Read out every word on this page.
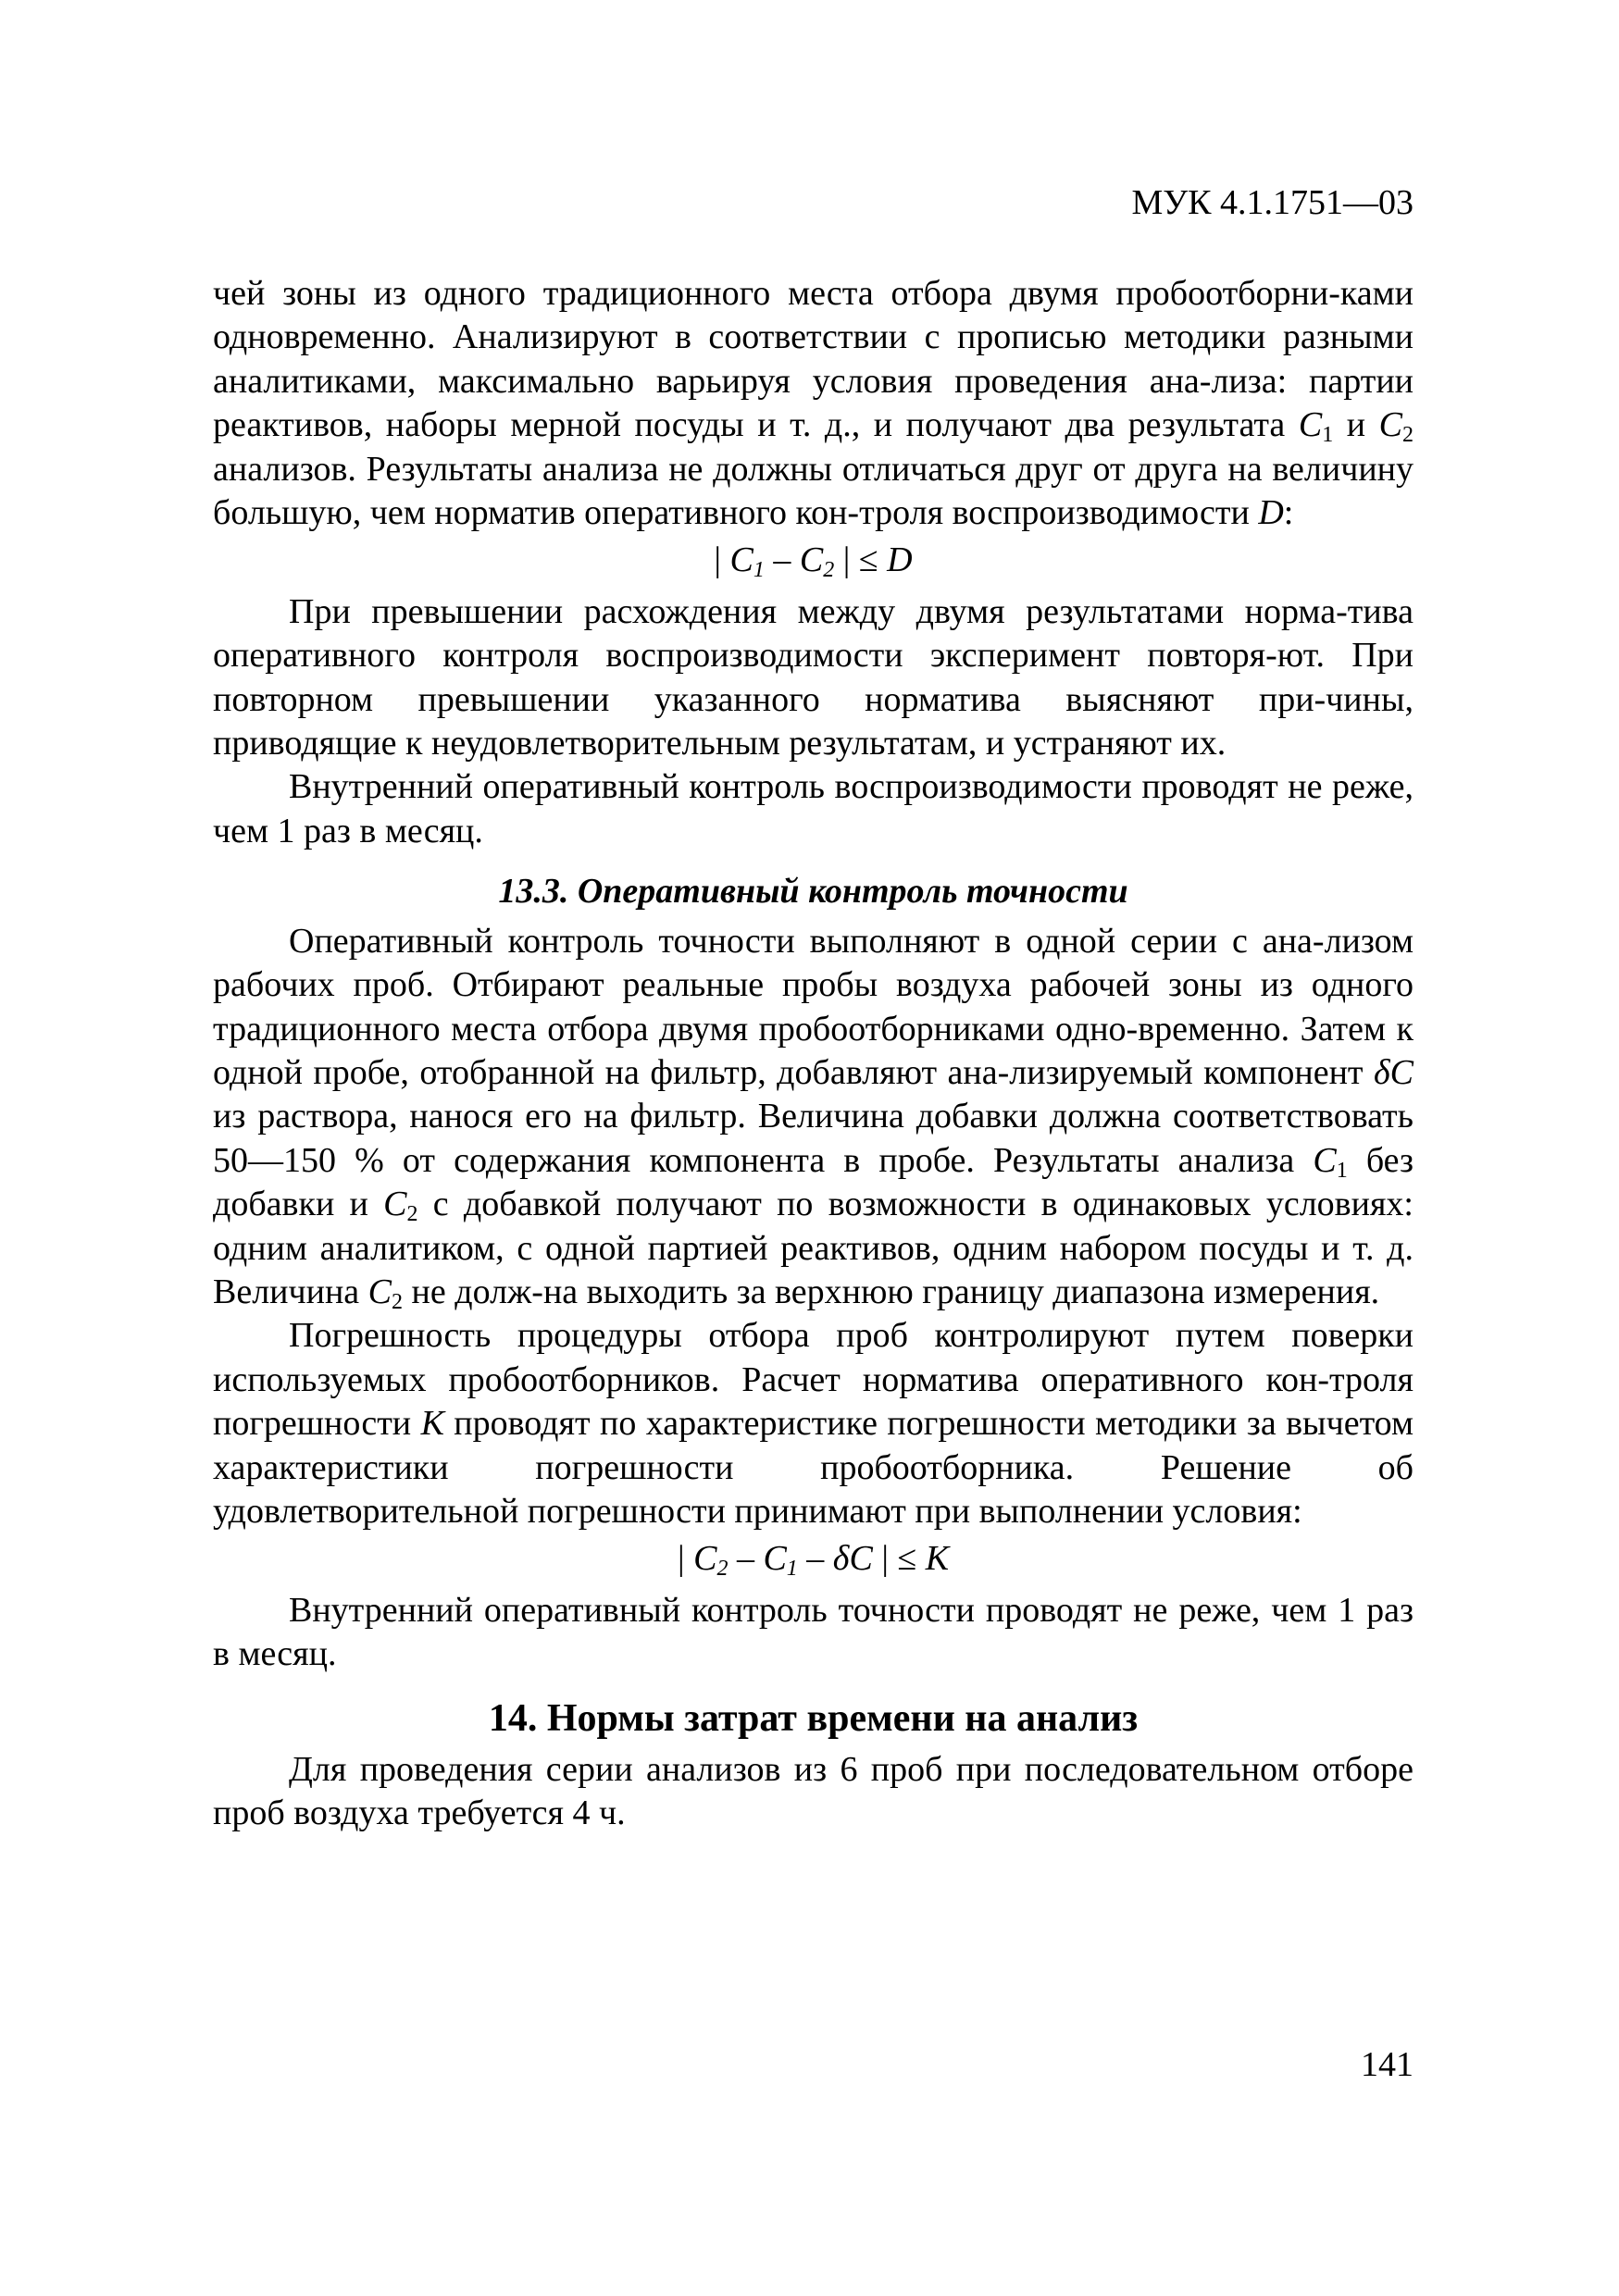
МУК 4.1.1751—03

чей зоны из одного традиционного места отбора двумя пробоотборни-ками одновременно. Анализируют в соответствии с прописью методики разными аналитиками, максимально варьируя условия проведения ана-лиза: партии реактивов, наборы мерной посуды и т. д., и получают два результата $C_1$ и $C_2$ анализов. Результаты анализа не должны отличаться друг от друга на величину большую, чем норматив оперативного кон-троля воспроизводимости D:

| $C_1 - C_2$ | ≤ D

При превышении расхождения между двумя результатами норма-тива оперативного контроля воспроизводимости эксперимент повторя-ют. При повторном превышении указанного норматива выясняют при-чины, приводящие к неудовлетворительным результатам, и устраняют их.

Внутренний оперативный контроль воспроизводимости проводят не реже, чем 1 раз в месяц.

13.3. Оперативный контроль точности

Оперативный контроль точности выполняют в одной серии с ана-лизом рабочих проб. Отбирают реальные пробы воздуха рабочей зоны из одного традиционного места отбора двумя пробоотборниками одно-временно. Затем к одной пробе, отобранной на фильтр, добавляют ана-лизируемый компонент δC из раствора, нанося его на фильтр. Величина добавки должна соответствовать 50—150 % от содержания компонента в пробе. Результаты анализа $C_1$ без добавки и $C_2$ с добавкой получают по возможности в одинаковых условиях: одним аналитиком, с одной партией реактивов, одним набором посуды и т. д. Величина $C_2$ не долж-на выходить за верхнюю границу диапазона измерения.

Погрешность процедуры отбора проб контролируют путем поверки используемых пробоотборников. Расчет норматива оперативного кон-троля погрешности К проводят по характеристике погрешности методики за вычетом характеристики погрешности пробоотборника. Решение об удовлетворительной погрешности принимают при выполнении условия:

| $C_2 - C_1$ – δC | ≤ К

Внутренний оперативный контроль точности проводят не реже, чем 1 раз в месяц.

14. Нормы затрат времени на анализ

Для проведения серии анализов из 6 проб при последовательном отборе проб воздуха требуется 4 ч.

141
